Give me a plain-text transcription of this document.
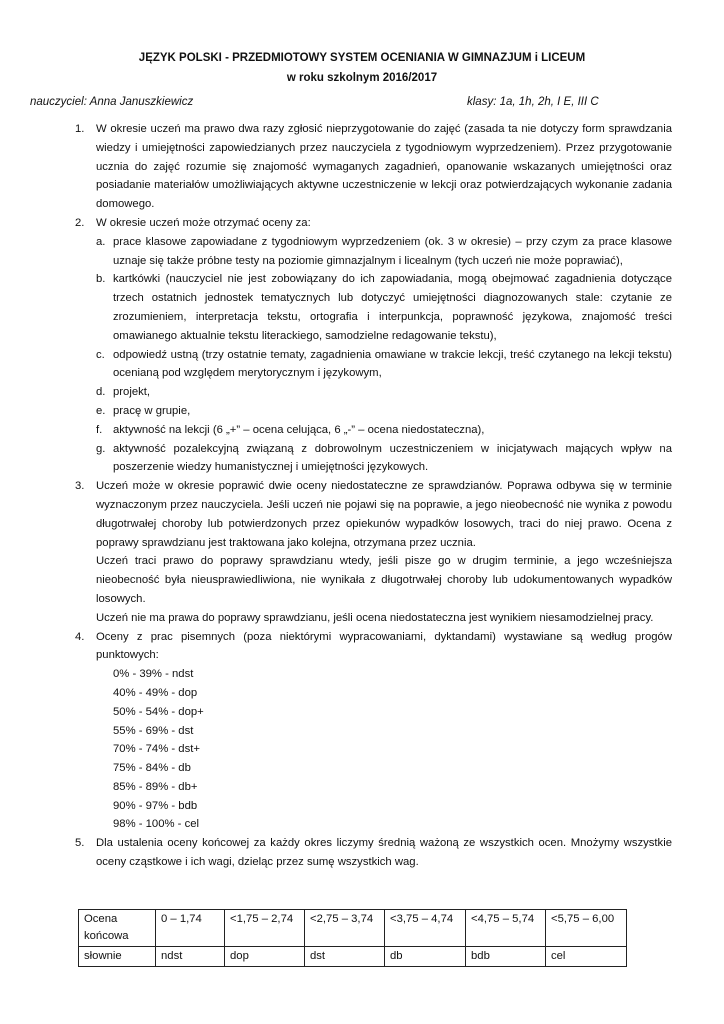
JĘZYK POLSKI - PRZEDMIOTOWY SYSTEM OCENIANIA W GIMNAZJUM i LICEUM
w roku szkolnym 2016/2017
nauczyciel: Anna Januszkiewicz	klasy: 1a, 1h, 2h, I E, III C
1. W okresie uczeń ma prawo dwa razy zgłosić nieprzygotowanie do zajęć (zasada ta nie dotyczy form sprawdzania wiedzy i umiejętności zapowiedzianych przez nauczyciela z tygodniowym wyprzedzeniem). Przez przygotowanie ucznia do zajęć rozumie się znajomość wymaganych zagadnień, opanowanie wskazanych umiejętności oraz posiadanie materiałów umożliwiających aktywne uczestniczenie w lekcji oraz potwierdzających wykonanie zadania domowego.
2. W okresie uczeń może otrzymać oceny za:
a. prace klasowe zapowiadane z tygodniowym wyprzedzeniem (ok. 3 w okresie) – przy czym za prace klasowe uznaje się także próbne testy na poziomie gimnazjalnym i licealnym (tych uczeń nie może poprawiać),
b. kartkówki (nauczyciel nie jest zobowiązany do ich zapowiadania, mogą obejmować zagadnienia dotyczące trzech ostatnich jednostek tematycznych lub dotyczyć umiejętności diagnozowanych stale: czytanie ze zrozumieniem, interpretacja tekstu, ortografia i interpunkcja, poprawność językowa, znajomość treści omawianego aktualnie tekstu literackiego, samodzielne redagowanie tekstu),
c. odpowiedź ustną (trzy ostatnie tematy, zagadnienia omawiane w trakcie lekcji, treść czytanego na lekcji tekstu) ocenianą pod względem merytorycznym i językowym,
d. projekt,
e. pracę w grupie,
f. aktywność na lekcji (6 „+” – ocena celująca, 6 „-” – ocena niedostateczna),
g. aktywność pozalekcyjną związaną z dobrowolnym uczestniczeniem w inicjatywach mających wpływ na poszerzenie wiedzy humanistycznej i umiejętności językowych.
3. Uczeń może w okresie poprawić dwie oceny niedostateczne ze sprawdzianów. Poprawa odbywa się w terminie wyznaczonym przez nauczyciela. Jeśli uczeń nie pojawi się na poprawie, a jego nieobecność nie wynika z powodu długotrwałej choroby lub potwierdzonych przez opiekunów wypadków losowych, traci do niej prawo. Ocena z poprawy sprawdzianu jest traktowana jako kolejna, otrzymana przez ucznia.
Uczeń traci prawo do poprawy sprawdzianu wtedy, jeśli pisze go w drugim terminie, a jego wcześniejsza nieobecność była nieusprawiedliwiona, nie wynikała z długotrwałej choroby lub udokumentowanych wypadków losowych.
Uczeń nie ma prawa do poprawy sprawdzianu, jeśli ocena niedostateczna jest wynikiem niesamodzielnej pracy.
4. Oceny z prac pisemnych (poza niektórymi wypracowaniami, dyktandami) wystawiane są według progów punktowych:
0% - 39% - ndst
40% - 49% - dop
50% - 54% - dop+
55% - 69% - dst
70% - 74% - dst+
75% - 84% - db
85% - 89% - db+
90% - 97% - bdb
98% - 100% - cel
5. Dla ustalenia oceny końcowej za każdy okres liczymy średnią ważoną ze wszystkich ocen. Mnożymy wszystkie oceny cząstkowe i ich wagi, dzieląc przez sumę wszystkich wag.
Ocena końcowa	0 – 1,74	<1,75 – 2,74	<2,75 – 3,74	<3,75 – 4,74	<4,75 – 5,74	<5,75 – 6,00
słownie	ndst	dop	dst	db	bdb	cel
